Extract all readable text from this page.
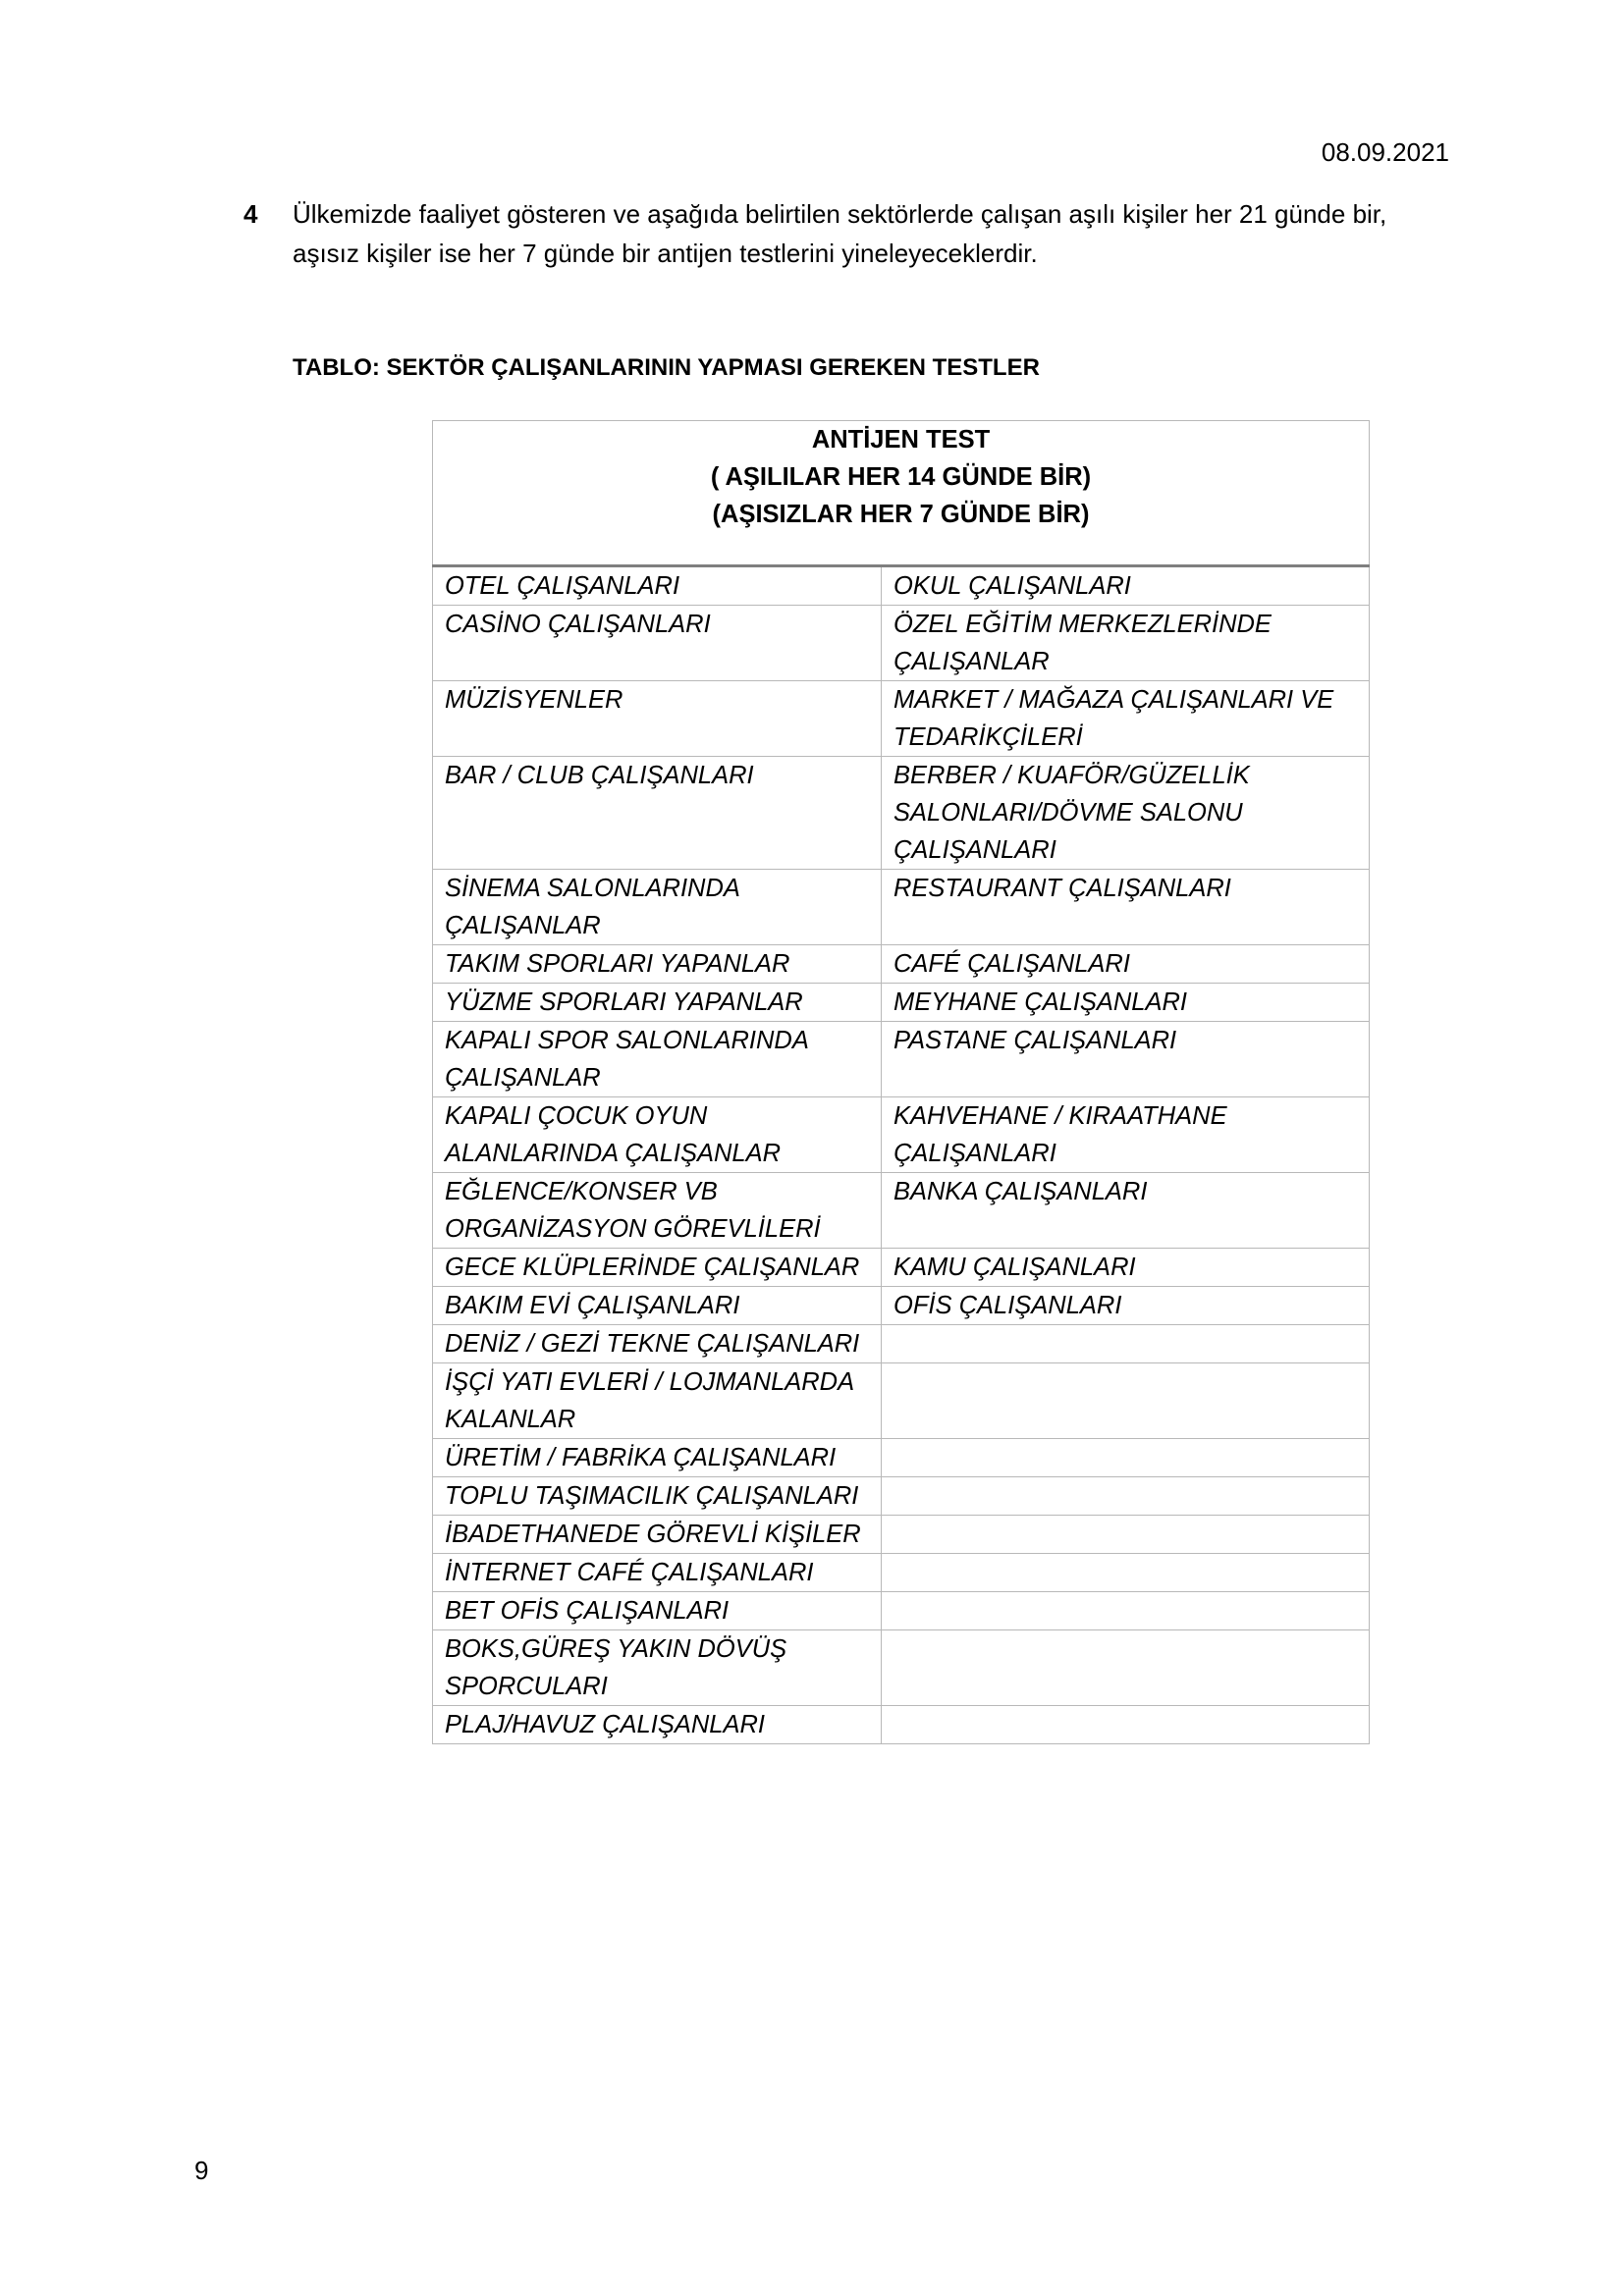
08.09.2021
4 Ülkemizde faaliyet gösteren ve aşağıda belirtilen sektörlerde çalışan aşılı kişiler her 21 günde bir, aşısız kişiler ise her 7 günde bir antijen testlerini yineleyeceklerdir.
TABLO: SEKTÖR ÇALIŞANLARININ YAPMASI GEREKEN TESTLER
ANTİJEN TEST
( AŞILILAR HER 14 GÜNDE BİR)
(AŞISIZLAR HER 7 GÜNDE BİR)	

OTEL ÇALIŞANLARI	OKUL ÇALIŞANLARI
CASİNO ÇALIŞANLARI	ÖZEL EĞİTİM MERKEZLERİNDE ÇALIŞANLAR
MÜZİSYENLER	MARKET / MAĞAZA ÇALIŞANLARI VE TEDARİKÇİLERİ
BAR / CLUB ÇALIŞANLARI	BERBER / KUAFÖR/GÜZELLİK SALONLARI/DÖVME SALONU ÇALIŞANLARI
SİNEMA SALONLARINDA ÇALIŞANLAR	RESTAURANT ÇALIŞANLARI
TAKIM SPORLARI YAPANLAR	CAFÉ ÇALIŞANLARI
YÜZME SPORLARI YAPANLAR	MEYHANE ÇALIŞANLARI
KAPALI SPOR SALONLARINDA ÇALIŞANLAR	PASTANE ÇALIŞANLARI
KAPALI ÇOCUK OYUN ALANLARINDA ÇALIŞANLAR	KAHVEHANE / KIRAATHANE ÇALIŞANLARI
EĞLENCE/KONSER VB ORGANİZASYON GÖREVLİLERİ	BANKA ÇALIŞANLARI
GECE KLÜPLERİNDE ÇALIŞANLAR	KAMU ÇALIŞANLARI
BAKIM EVİ ÇALIŞANLARI	OFİS ÇALIŞANLARI
DENİZ / GEZİ TEKNE ÇALIŞANLARI	
İŞÇİ YATI EVLERİ / LOJMANLARDA KALANLAR	
ÜRETİM / FABRİKA ÇALIŞANLARI	
TOPLU TAŞIMACILIK ÇALIŞANLARI	
İBADETHANEDE GÖREVLİ KİŞİLER	
İNTERNET CAFÉ ÇALIŞANLARI	
BET OFİS ÇALIŞANLARI	
BOKS,GÜREŞ YAKIN DÖVÜŞ SPORCULARI	
PLAJ/HAVUZ ÇALIŞANLARI	
9
